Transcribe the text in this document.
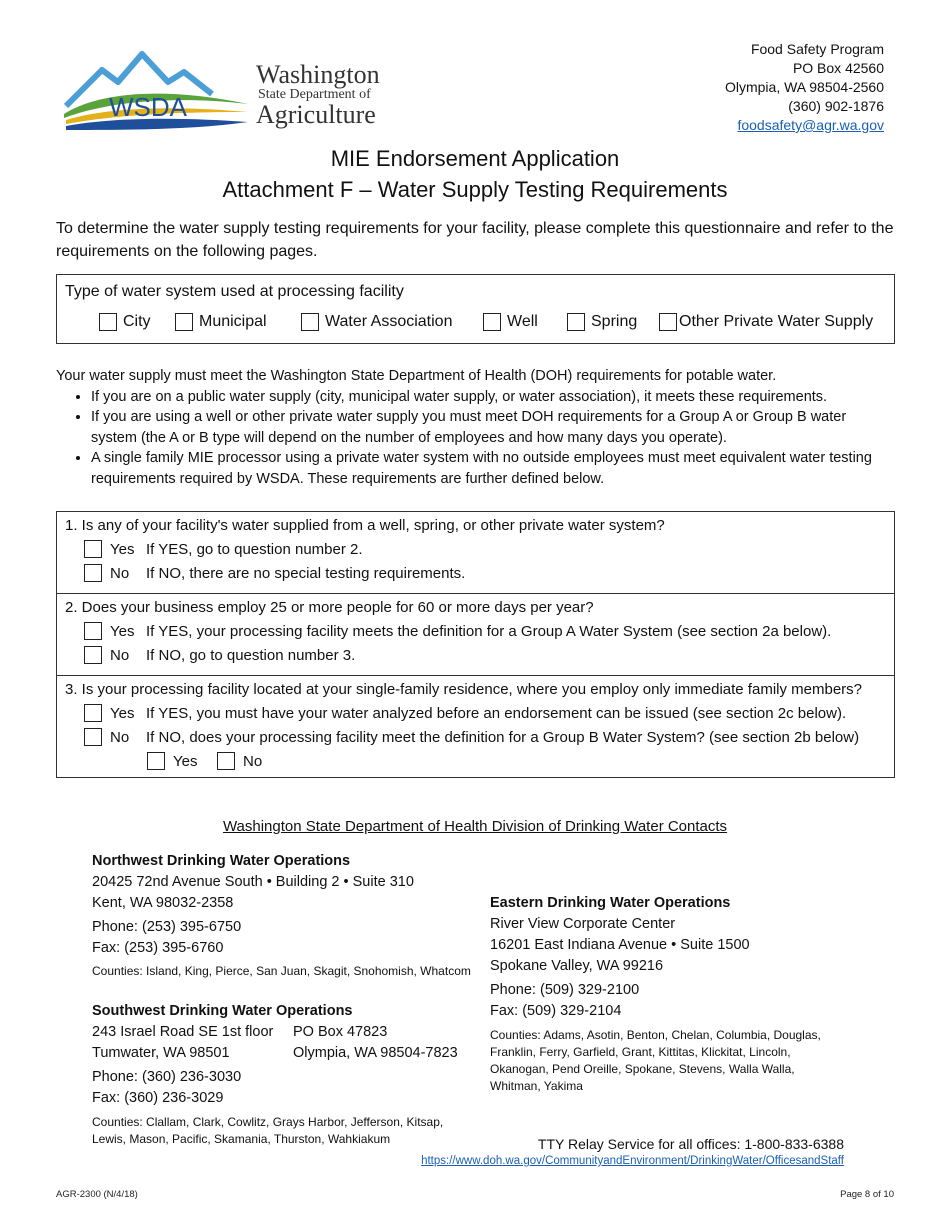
WSDA
Washington
State Department of
Agriculture
Food Safety Program
PO Box 42560
Olympia, WA 98504-2560
(360) 902-1876
foodsafety@agr.wa.gov
MIE Endorsement Application
Attachment F – Water Supply Testing Requirements
To determine the water supply testing requirements for your facility, please complete this questionnaire and refer to the requirements on the following pages.
Type of water system used at processing facility
City	Municipal	Water Association	Well	Spring	Other Private Water Supply
Your water supply must meet the Washington State Department of Health (DOH) requirements for potable water.
• If you are on a public water supply (city, municipal water supply, or water association), it meets these requirements.
• If you are using a well or other private water supply you must meet DOH requirements for a Group A or Group B water system (the A or B type will depend on the number of employees and how many days you operate).
• A single family MIE processor using a private water system with no outside employees must meet equivalent water testing requirements required by WSDA. These requirements are further defined below.
1. Is any of your facility's water supplied from a well, spring, or other private water system?
Yes If YES, go to question number 2.
No	If NO, there are no special testing requirements.
2. Does your business employ 25 or more people for 60 or more days per year?
Yes If YES, your processing facility meets the definition for a Group A Water System (see section 2a below).
No	If NO, go to question number 3.
3. Is your processing facility located at your single-family residence, where you employ only immediate family members?
Yes If YES, you must have your water analyzed before an endorsement can be issued (see section 2c below).
No	If NO, does your processing facility meet the definition for a Group B Water System? (see section 2b below)
Yes	No
Washington State Department of Health Division of Drinking Water Contacts
Northwest Drinking Water Operations
20425 72nd Avenue South • Building 2 • Suite 310
Kent, WA 98032-2358
Phone: (253) 395-6750
Fax: (253) 395-6760
Counties: Island, King, Pierce, San Juan, Skagit, Snohomish, Whatcom
Southwest Drinking Water Operations
243 Israel Road SE 1st floor
Tumwater, WA 98501
PO Box 47823
Olympia, WA 98504-7823
Phone: (360) 236-3030
Fax: (360) 236-3029
Counties: Clallam, Clark, Cowlitz, Grays Harbor, Jefferson, Kitsap, Lewis, Mason, Pacific, Skamania, Thurston, Wahkiakum
Eastern Drinking Water Operations
River View Corporate Center
16201 East Indiana Avenue • Suite 1500
Spokane Valley, WA 99216
Phone: (509) 329-2100
Fax: (509) 329-2104
Counties: Adams, Asotin, Benton, Chelan, Columbia, Douglas, Franklin, Ferry, Garfield, Grant, Kittitas, Klickitat, Lincoln, Okanogan, Pend Oreille, Spokane, Stevens, Walla Walla, Whitman, Yakima
TTY Relay Service for all offices: 1-800-833-6388
https://www.doh.wa.gov/CommunityandEnvironment/DrinkingWater/OfficesandStaff
AGR-2300 (N/4/18)	Page 8 of 10
